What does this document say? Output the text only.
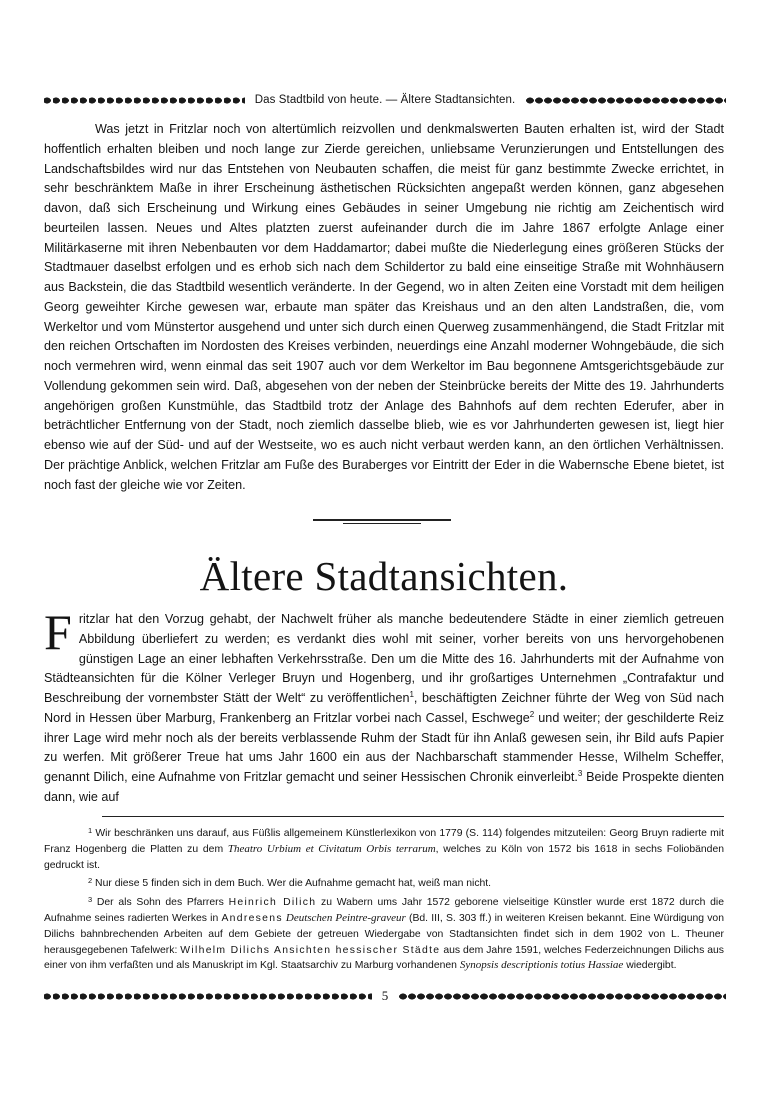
Das Stadtbild von heute. — Ältere Stadtansichten.

Was jetzt in Fritzlar noch von altertümlich reizvollen und denkmalswerten Bauten erhalten ist, wird der Stadt hoffentlich erhalten bleiben und noch lange zur Zierde gereichen, unliebsame Verunzierungen und Entstellungen des Landschaftsbildes wird nur das Entstehen von Neubauten schaffen, die meist für ganz bestimmte Zwecke errichtet, in sehr beschränktem Maße in ihrer Erscheinung ästhetischen Rücksichten angepaßt werden können, ganz abgesehen davon, daß sich Erscheinung und Wirkung eines Gebäudes in seiner Umgebung nie richtig am Zeichentisch wird beurteilen lassen. Neues und Altes platzten zuerst aufeinander durch die im Jahre 1867 erfolgte Anlage einer Militärkaserne mit ihren Nebenbauten vor dem Haddamartor; dabei mußte die Niederlegung eines größeren Stücks der Stadtmauer daselbst erfolgen und es erhob sich nach dem Schildertor zu bald eine einseitige Straße mit Wohnhäusern aus Backstein, die das Stadtbild wesentlich veränderte. In der Gegend, wo in alten Zeiten eine Vorstadt mit dem heiligen Georg geweihter Kirche gewesen war, erbaute man später das Kreishaus und an den alten Landstraßen, die, vom Werkeltor und vom Münstertor ausgehend und unter sich durch einen Querweg zusammenhängend, die Stadt Fritzlar mit den reichen Ortschaften im Nordosten des Kreises verbinden, neuerdings eine Anzahl moderner Wohngebäude, die sich noch vermehren wird, wenn einmal das seit 1907 auch vor dem Werkeltor im Bau begonnene Amtsgerichtsgebäude zur Vollendung gekommen sein wird. Daß, abgesehen von der neben der Steinbrücke bereits der Mitte des 19. Jahrhunderts angehörigen großen Kunstmühle, das Stadtbild trotz der Anlage des Bahnhofs auf dem rechten Ederufer, aber in beträchtlicher Entfernung von der Stadt, noch ziemlich dasselbe blieb, wie es vor Jahrhunderten gewesen ist, liegt hier ebenso wie auf der Süd- und auf der Westseite, wo es auch nicht verbaut werden kann, an den örtlichen Verhältnissen. Der prächtige Anblick, welchen Fritzlar am Fuße des Buraberges vor Eintritt der Eder in die Wabernsche Ebene bietet, ist noch fast der gleiche wie vor Zeiten.

Ältere Stadtansichten.

Fritzlar hat den Vorzug gehabt, der Nachwelt früher als manche bedeutendere Städte in einer ziemlich getreuen Abbildung überliefert zu werden; es verdankt dies wohl mit seiner, vorher bereits von uns hervorgehobenen günstigen Lage an einer lebhaften Verkehrsstraße. Den um die Mitte des 16. Jahrhunderts mit der Aufnahme von Städteansichten für die Kölner Verleger Bruyn und Hogenberg, und ihr großartiges Unternehmen „Contrafaktur und Beschreibung der vornembster Stätt der Welt“ zu veröffentlichen$^1$, beschäftigten Zeichner führte der Weg von Süd nach Nord in Hessen über Marburg, Frankenberg an Fritzlar vorbei nach Cassel, Eschwege$^2$ und weiter; der geschilderte Reiz ihrer Lage wird mehr noch als der bereits verblassende Ruhm der Stadt für ihn Anlaß gewesen sein, ihr Bild aufs Papier zu werfen. Mit größerer Treue hat ums Jahr 1600 ein aus der Nachbarschaft stammender Hesse, Wilhelm Scheffer, genannt Dilich, eine Aufnahme von Fritzlar gemacht und seiner Hessischen Chronik einverleibt.$^3$ Beide Prospekte dienten dann, wie auf

$^1$ Wir beschränken uns darauf, aus Füßlis allgemeinem Künstlerlexikon von 1779 (S. 114) folgendes mitzuteilen: Georg Bruyn radierte mit Franz Hogenberg die Platten zu dem Theatro Urbium et Civitatum Orbis terrarum, welches zu Köln von 1572 bis 1618 in sechs Foliobänden gedruckt ist.

$^2$ Nur diese 5 finden sich in dem Buch. Wer die Aufnahme gemacht hat, weiß man nicht.

$^3$ Der als Sohn des Pfarrers Heinrich Dilich zu Wabern ums Jahr 1572 geborene vielseitige Künstler wurde erst 1872 durch die Aufnahme seines radierten Werkes in Andresens Deutschen Peintre-graveur (Bd. III, S. 303 ff.) in weiteren Kreisen bekannt. Eine Würdigung von Dilichs bahnbrechenden Arbeiten auf dem Gebiete der getreuen Wiedergabe von Stadtansichten findet sich in dem 1902 von L. Theuner herausgegebenen Tafelwerk: Wilhelm Dilichs Ansichten hessischer Städte aus dem Jahre 1591, welches Federzeichnungen Dilichs aus einer von ihm verfaßten und als Manuskript im Kgl. Staatsarchiv zu Marburg vorhandenen Synopsis descriptionis totius Hassiae wiedergibt.

5
